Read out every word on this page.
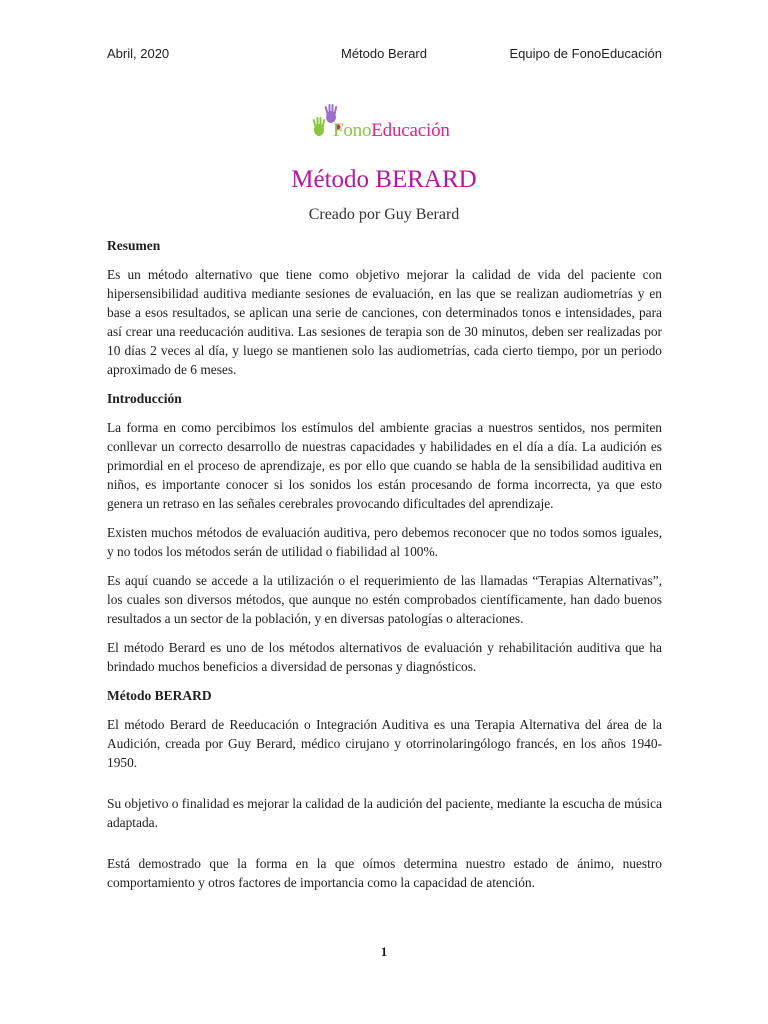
Abril, 2020	Método Berard	Equipo de FonoEducación
FonoEducación
Método BERARD
Creado por Guy Berard
Resumen

Es un método alternativo que tiene como objetivo mejorar la calidad de vida del paciente con hipersensibilidad auditiva mediante sesiones de evaluación, en las que se realizan audiometrías y en base a esos resultados, se aplican una serie de canciones, con determinados tonos e intensidades, para así crear una reeducación auditiva. Las sesiones de terapia son de 30 minutos, deben ser realizadas por 10 días 2 veces al día, y luego se mantienen solo las audiometrías, cada cierto tiempo, por un periodo aproximado de 6 meses.

Introducción

La forma en como percibimos los estímulos del ambiente gracias a nuestros sentidos, nos permiten conllevar un correcto desarrollo de nuestras capacidades y habilidades en el día a día. La audición es primordial en el proceso de aprendizaje, es por ello que cuando se habla de la sensibilidad auditiva en niños, es importante conocer si los sonidos los están procesando de forma incorrecta, ya que esto genera un retraso en las señales cerebrales provocando dificultades del aprendizaje.

Existen muchos métodos de evaluación auditiva, pero debemos reconocer que no todos somos iguales, y no todos los métodos serán de utilidad o fiabilidad al 100%.

Es aquí cuando se accede a la utilización o el requerimiento de las llamadas “Terapias Alternativas”, los cuales son diversos métodos, que aunque no estén comprobados científicamente, han dado buenos resultados a un sector de la población, y en diversas patologías o alteraciones.

El método Berard es uno de los métodos alternativos de evaluación y rehabilitación auditiva que ha brindado muchos beneficios a diversidad de personas y diagnósticos.

Método BERARD

El método Berard de Reeducación o Integración Auditiva es una Terapia Alternativa del área de la Audición, creada por Guy Berard, médico cirujano y otorrinolaringólogo francés, en los años 1940-1950.

Su objetivo o finalidad es mejorar la calidad de la audición del paciente, mediante la escucha de música adaptada.

Está demostrado que la forma en la que oímos determina nuestro estado de ánimo, nuestro comportamiento y otros factores de importancia como la capacidad de atención.

1
